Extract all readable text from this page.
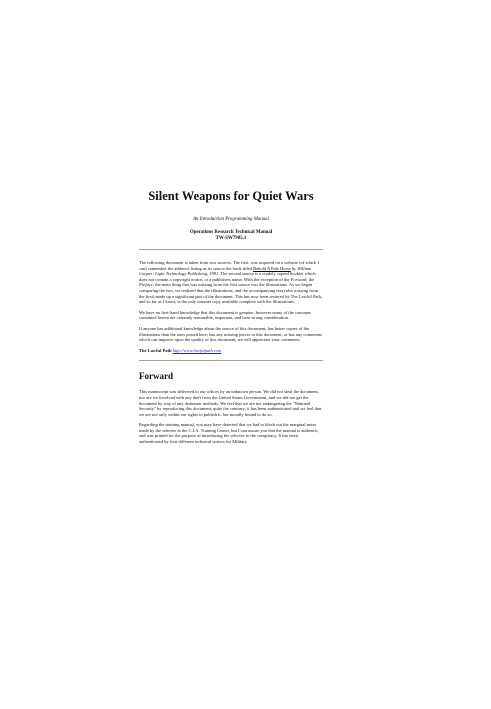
Silent Weapons for Quiet Wars
An Introduction Programming Manual
Operations Research Technical Manual
TW-SW7905.1

The following document is taken from two sources. The first, was acquired on a website (of which I can't remember the address) listing as its source the book titled Behold A Pale Horse by William Cooper; Light Technology Publishing, 1991. The second source is a crudely copied booklet which does not contain a copyright notice, or a publishers name. With the exception of the Forward, the Preface, the main thing that was missing from the first source was the illustrations. As we began comparing the two, we realized that the illustrations, and the accompanying text (also missing from the first) made up a significant part of the document. This has now been restored by The Lawful Path, and so far as I know, is the only internet copy available complete with the illustrations.

We have no first-hand knowledge that this document is genuine, however many of the concepts contained herein are certainly reasonable, important, and bear strong consideration.

If anyone has additional knowledge about the source of this document; has better copies of the illustrations than the ones posted here; has any missing pieces to this document, or has any comments which can improve upon the quality of this document, we will appreciate your comments.

The Lawful Path http://www.lawfulpath.com

Forward

This manuscript was delivered to our offices by an unknown person. We did not steal the document, nor are we involved with any theft from the United States Government, and we did not get the document by way of any dishonest methods. We feel that we are not endangering the "National Security" by reproducing this document, quite the contrary; it has been authenticated and we feel that we are not only within our rights to publish it, but morally bound to do so.

Regarding the training manual, you may have detected that we had to block out the marginal notes made by the selectee at the C.I.A. Training Center, but I can assure you that the manual is authentic, and was printed for the purpose of introducing the selectee to the conspiracy. It has been authenticated by four different technical writers for Military
